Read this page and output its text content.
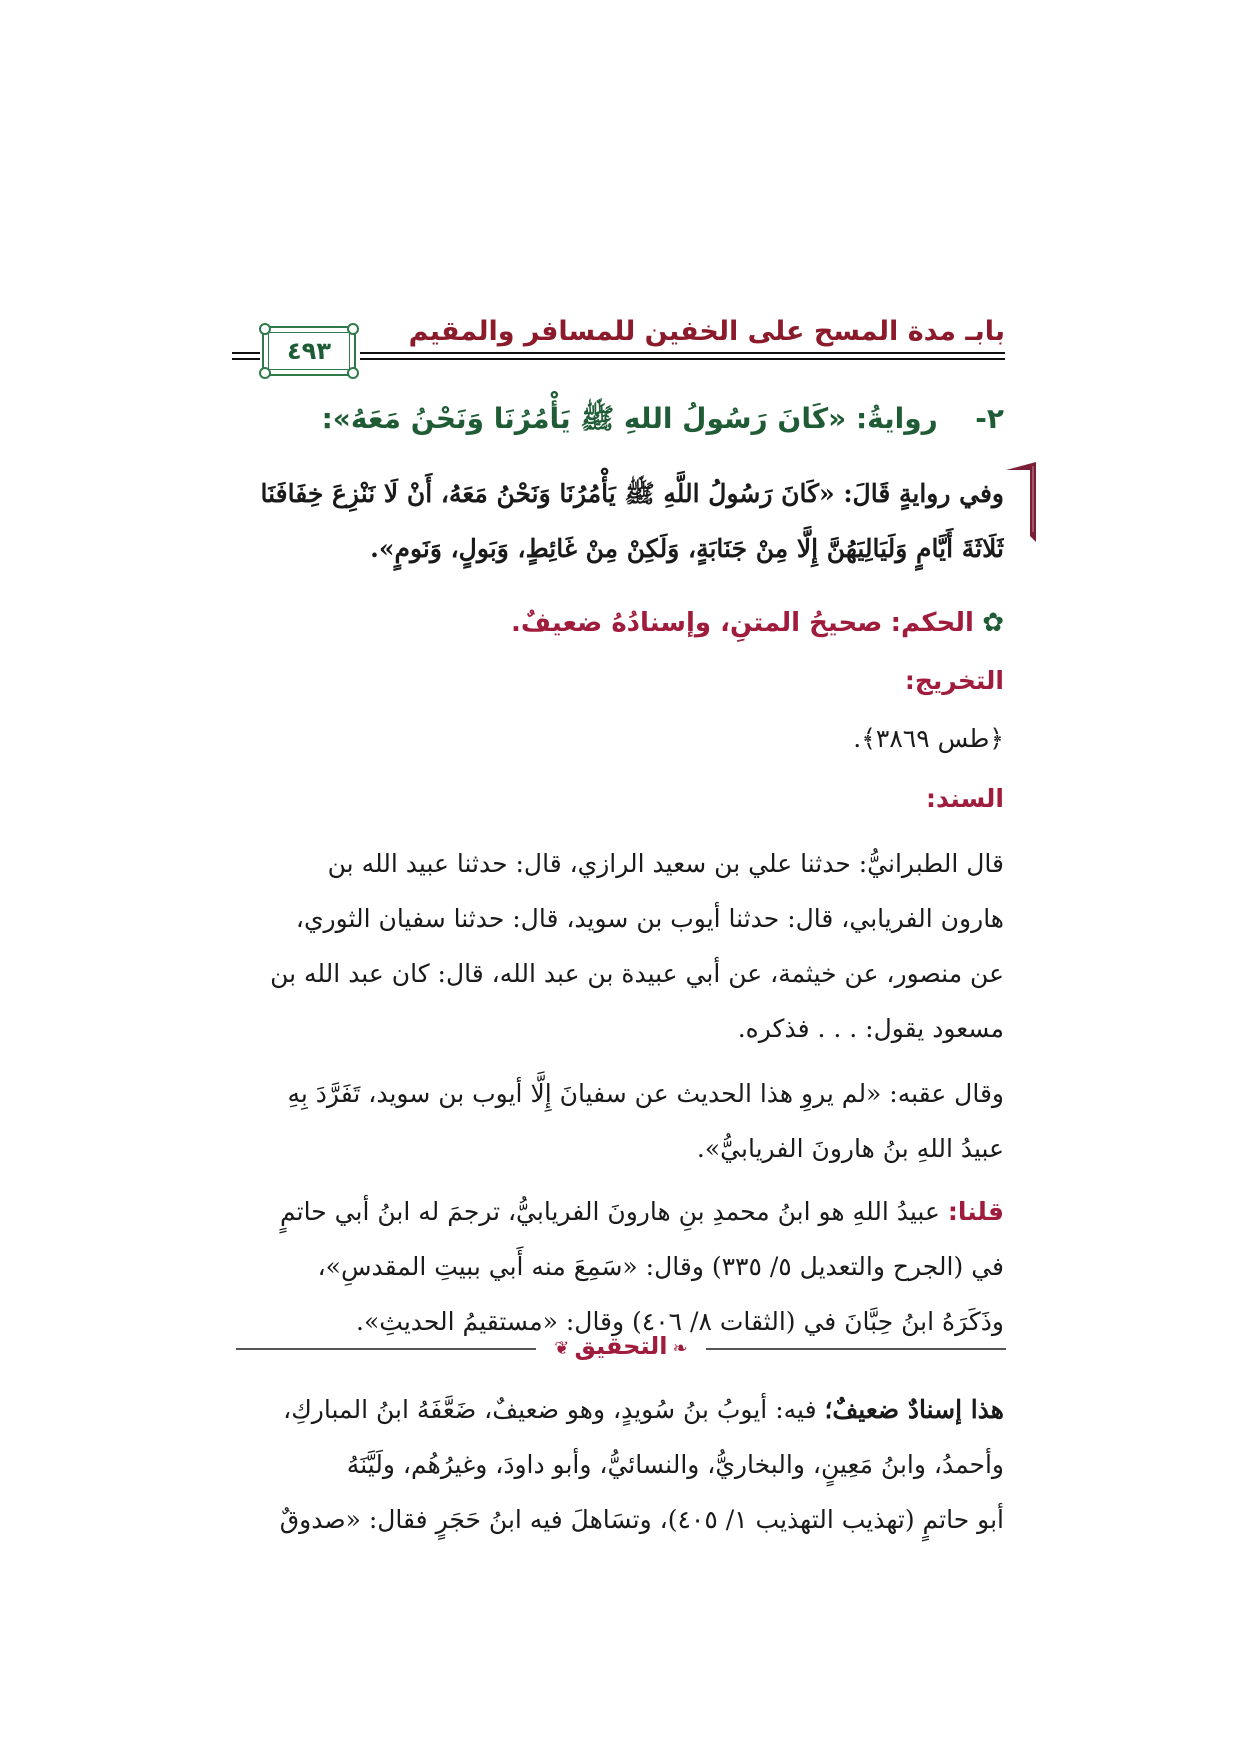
بابـ مدة المسح على الخفين للمسافر والمقيم
٤٩٣
٢-  روايةُ: «كَانَ رَسُولُ اللهِ ﷺ يَأْمُرُنَا وَنَحْنُ مَعَهُ»:
وفي روايةٍ قَالَ: «كَانَ رَسُولُ اللَّهِ ﷺ يَأْمُرُنَا وَنَحْنُ مَعَهُ، أَنْ لَا نَنْزِعَ خِفَافَنَا
ثَلَاثَةَ أَيَّامٍ وَلَيَالِيَهُنَّ إِلَّا مِنْ جَنَابَةٍ، وَلَكِنْ مِنْ غَائِطٍ، وَبَولٍ، وَنَومٍ».
✿ الحكم: صحيحُ المتنِ، وإسنادُهُ ضعيفٌ.
التخريج:
﴿طس ٣٨٦٩﴾.
السند:
قال الطبرانيُّ: حدثنا علي بن سعيد الرازي، قال: حدثنا عبيد الله بن
هارون الفريابي، قال: حدثنا أيوب بن سويد، قال: حدثنا سفيان الثوري،
عن منصور، عن خيثمة، عن أبي عبيدة بن عبد الله، قال: كان عبد الله بن
مسعود يقول: . . . فذكره.
وقال عقبه: «لم يروِ هذا الحديث عن سفيانَ إِلَّا أيوب بن سويد، تَفَرَّدَ بِهِ
عبيدُ اللهِ بنُ هارونَ الفريابيُّ».
قلنا: عبيدُ اللهِ هو ابنُ محمدِ بنِ هارونَ الفريابيُّ، ترجمَ له ابنُ أبي حاتمٍ
في (الجرح والتعديل ٥/ ٣٣٥) وقال: «سَمِعَ منه أَبي ببيتِ المقدسِ»،
وذَكَرَهُ ابنُ حِبَّانَ في (الثقات ٨/ ٤٠٦) وقال: «مستقيمُ الحديثِ».
❦ التحقيق ❧
هذا إسنادٌ ضعيفٌ؛ فيه: أيوبُ بنُ سُويدٍ، وهو ضعيفٌ، ضَعَّفَهُ ابنُ المباركِ،
وأحمدُ، وابنُ مَعِينٍ، والبخاريُّ، والنسائيُّ، وأبو داودَ، وغيرُهُم، ولَيَّنَهُ
أبو حاتمٍ (تهذيب التهذيب ١/ ٤٠٥)، وتسَاهلَ فيه ابنُ حَجَرٍ فقال: «صدوقٌ
